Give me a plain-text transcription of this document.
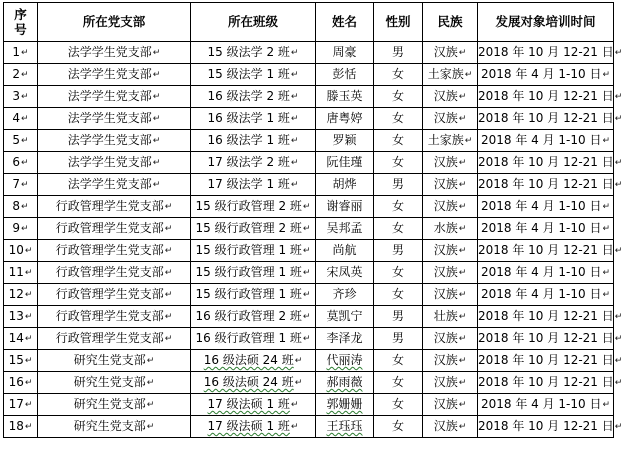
序
号	所在党支部	所在班级	姓名	性别	民族	发展对象培训时间
1↵	法学学生党支部↵	15 级法学 2 班↵	周豪	男	汉族↵	2018 年 10 月 12-21 日↵
2↵	法学学生党支部↵	15 级法学 1 班↵	彭恬	女	土家族↵	2018 年 4 月 1-10 日↵
3↵	法学学生党支部↵	16 级法学 2 班↵	滕玉英	女	汉族↵	2018 年 10 月 12-21 日↵
4↵	法学学生党支部↵	16 级法学 1 班↵	唐粤婷	女	汉族↵	2018 年 10 月 12-21 日↵
5↵	法学学生党支部↵	16 级法学 1 班↵	罗颖	女	土家族↵	2018 年 4 月 1-10 日↵
6↵	法学学生党支部↵	17 级法学 2 班↵	阮佳瑾	女	汉族↵	2018 年 10 月 12-21 日↵
7↵	法学学生党支部↵	17 级法学 1 班↵	胡烨	男	汉族↵	2018 年 10 月 12-21 日↵
8↵	行政管理学生党支部↵	15 级行政管理 2 班↵	谢睿丽	女	汉族↵	2018 年 4 月 1-10 日↵
9↵	行政管理学生党支部↵	15 级行政管理 2 班↵	吴邦孟	女	水族↵	2018 年 4 月 1-10 日↵
10↵	行政管理学生党支部↵	15 级行政管理 1 班↵	尚航	男	汉族↵	2018 年 10 月 12-21 日↵
11↵	行政管理学生党支部↵	15 级行政管理 1 班↵	宋凤英	女	汉族↵	2018 年 4 月 1-10 日↵
12↵	行政管理学生党支部↵	15 级行政管理 1 班↵	齐珍	女	汉族↵	2018 年 4 月 1-10 日↵
13↵	行政管理学生党支部↵	16 级行政管理 2 班↵	莫凯宁	男	壮族↵	2018 年 10 月 12-21 日↵
14↵	行政管理学生党支部↵	16 级行政管理 1 班↵	李泽龙	男	汉族↵	2018 年 10 月 12-21 日↵
15↵	研究生党支部↵	16 级法硕 24 班↵	代丽涛	女	汉族↵	2018 年 10 月 12-21 日↵
16↵	研究生党支部↵	16 级法硕 24 班↵	郝雨薇	女	汉族↵	2018 年 10 月 12-21 日↵
17↵	研究生党支部↵	17 级法硕 1 班↵	郭姗姗	女	汉族↵	2018 年 4 月 1-10 日↵
18↵	研究生党支部↵	17 级法硕 1 班↵	王珏珏	女	汉族↵	2018 年 10 月 12-21 日↵
